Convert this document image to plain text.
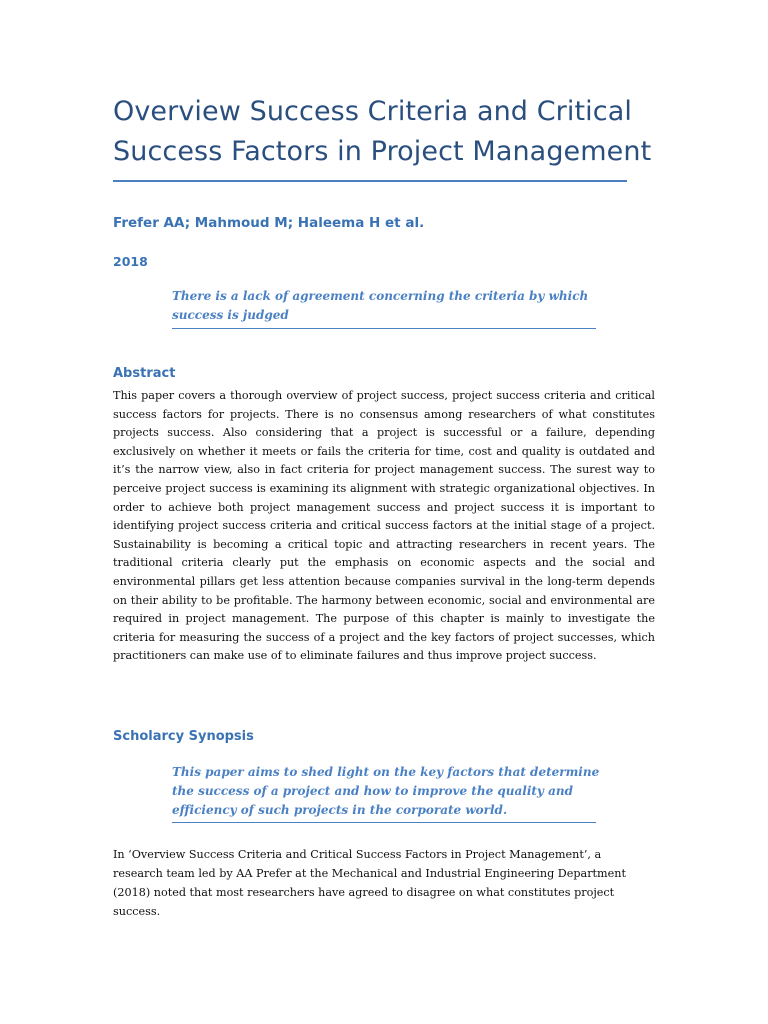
Overview Success Criteria and Critical Success Factors in Project Management

Frefer AA; Mahmoud M; Haleema H et al.

2018

There is a lack of agreement concerning the criteria by which success is judged

Abstract

This paper covers a thorough overview of project success, project success criteria and critical success factors for projects. There is no consensus among researchers of what constitutes projects success. Also considering that a project is successful or a failure, depending exclusively on whether it meets or fails the criteria for time, cost and quality is outdated and it’s the narrow view, also in fact criteria for project management success. The surest way to perceive project success is examining its alignment with strategic organizational objectives. In order to achieve both project management success and project success it is important to identifying project success criteria and critical success factors at the initial stage of a project. Sustainability is becoming a critical topic and attracting researchers in recent years. The traditional criteria clearly put the emphasis on economic aspects and the social and environmental pillars get less attention because companies survival in the long-term depends on their ability to be profitable. The harmony between economic, social and environmental are required in project management. The purpose of this chapter is mainly to investigate the criteria for measuring the success of a project and the key factors of project successes, which practitioners can make use of to eliminate failures and thus improve project success.

Scholarcy Synopsis

This paper aims to shed light on the key factors that determine the success of a project and how to improve the quality and efficiency of such projects in the corporate world.

In ‘Overview Success Criteria and Critical Success Factors in Project Management’, a research team led by AA Prefer at the Mechanical and Industrial Engineering Department (2018) noted that most researchers have agreed to disagree on what constitutes project success.
